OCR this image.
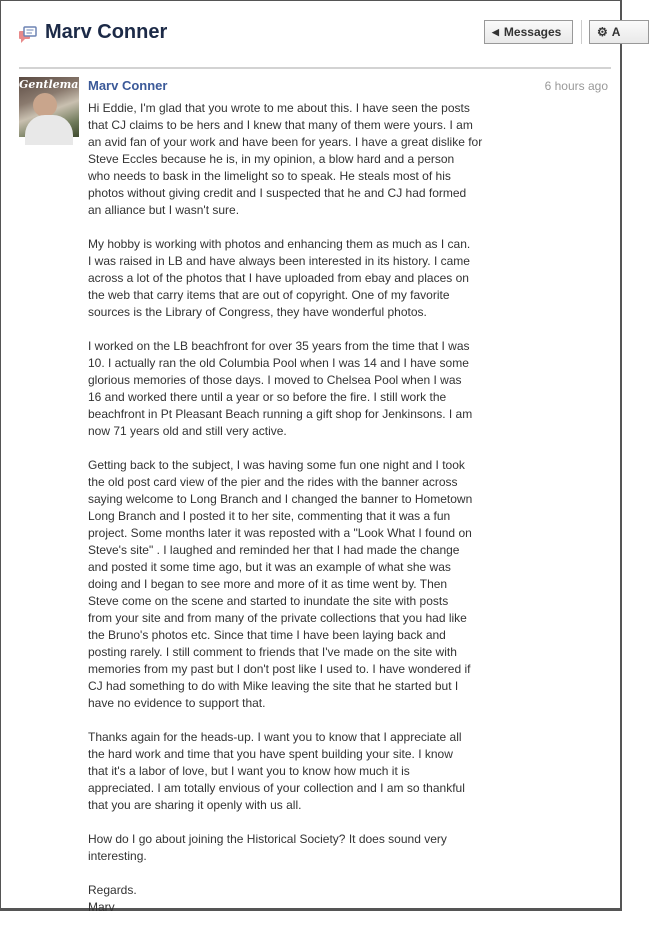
Marv Conner	◀ Messages	⚙ A
Gentleman Marv Conner	6 hours ago
Hi Eddie, I'm glad that you wrote to me about this. I have seen the posts
that CJ claims to be hers and I knew that many of them were yours. I am
an avid fan of your work and have been for years. I have a great dislike for
Steve Eccles because he is, in my opinion, a blow hard and a person
who needs to bask in the limelight so to speak. He steals most of his
photos without giving credit and I suspected that he and CJ had formed
an alliance but I wasn't sure.
My hobby is working with photos and enhancing them as much as I can.
I was raised in LB and have always been interested in its history. I came
across a lot of the photos that I have uploaded from ebay and places on
the web that carry items that are out of copyright. One of my favorite
sources is the Library of Congress, they have wonderful photos.
I worked on the LB beachfront for over 35 years from the time that I was
10. I actually ran the old Columbia Pool when I was 14 and I have some
glorious memories of those days. I moved to Chelsea Pool when I was
16 and worked there until a year or so before the fire. I still work the
beachfront in Pt Pleasant Beach running a gift shop for Jenkinsons. I am
now 71 years old and still very active.
Getting back to the subject, I was having some fun one night and I took
the old post card view of the pier and the rides with the banner across
saying welcome to Long Branch and I changed the banner to Hometown
Long Branch and I posted it to her site, commenting that it was a fun
project. Some months later it was reposted with a "Look What I found on
Steve's site" . I laughed and reminded her that I had made the change
and posted it some time ago, but it was an example of what she was
doing and I began to see more and more of it as time went by. Then
Steve come on the scene and started to inundate the site with posts
from your site and from many of the private collections that you had like
the Bruno's photos etc. Since that time I have been laying back and
posting rarely. I still comment to friends that I've made on the site with
memories from my past but I don't post like I used to. I have wondered if
CJ had something to do with Mike leaving the site that he started but I
have no evidence to support that.
Thanks again for the heads-up. I want you to know that I appreciate all
the hard work and time that you have spent building your site. I know
that it's a labor of love, but I want you to know how much it is
appreciated. I am totally envious of your collection and I am so thankful
that you are sharing it openly with us all.
How do I go about joining the Historical Society? It does sound very
interesting.
Regards.
Marv
